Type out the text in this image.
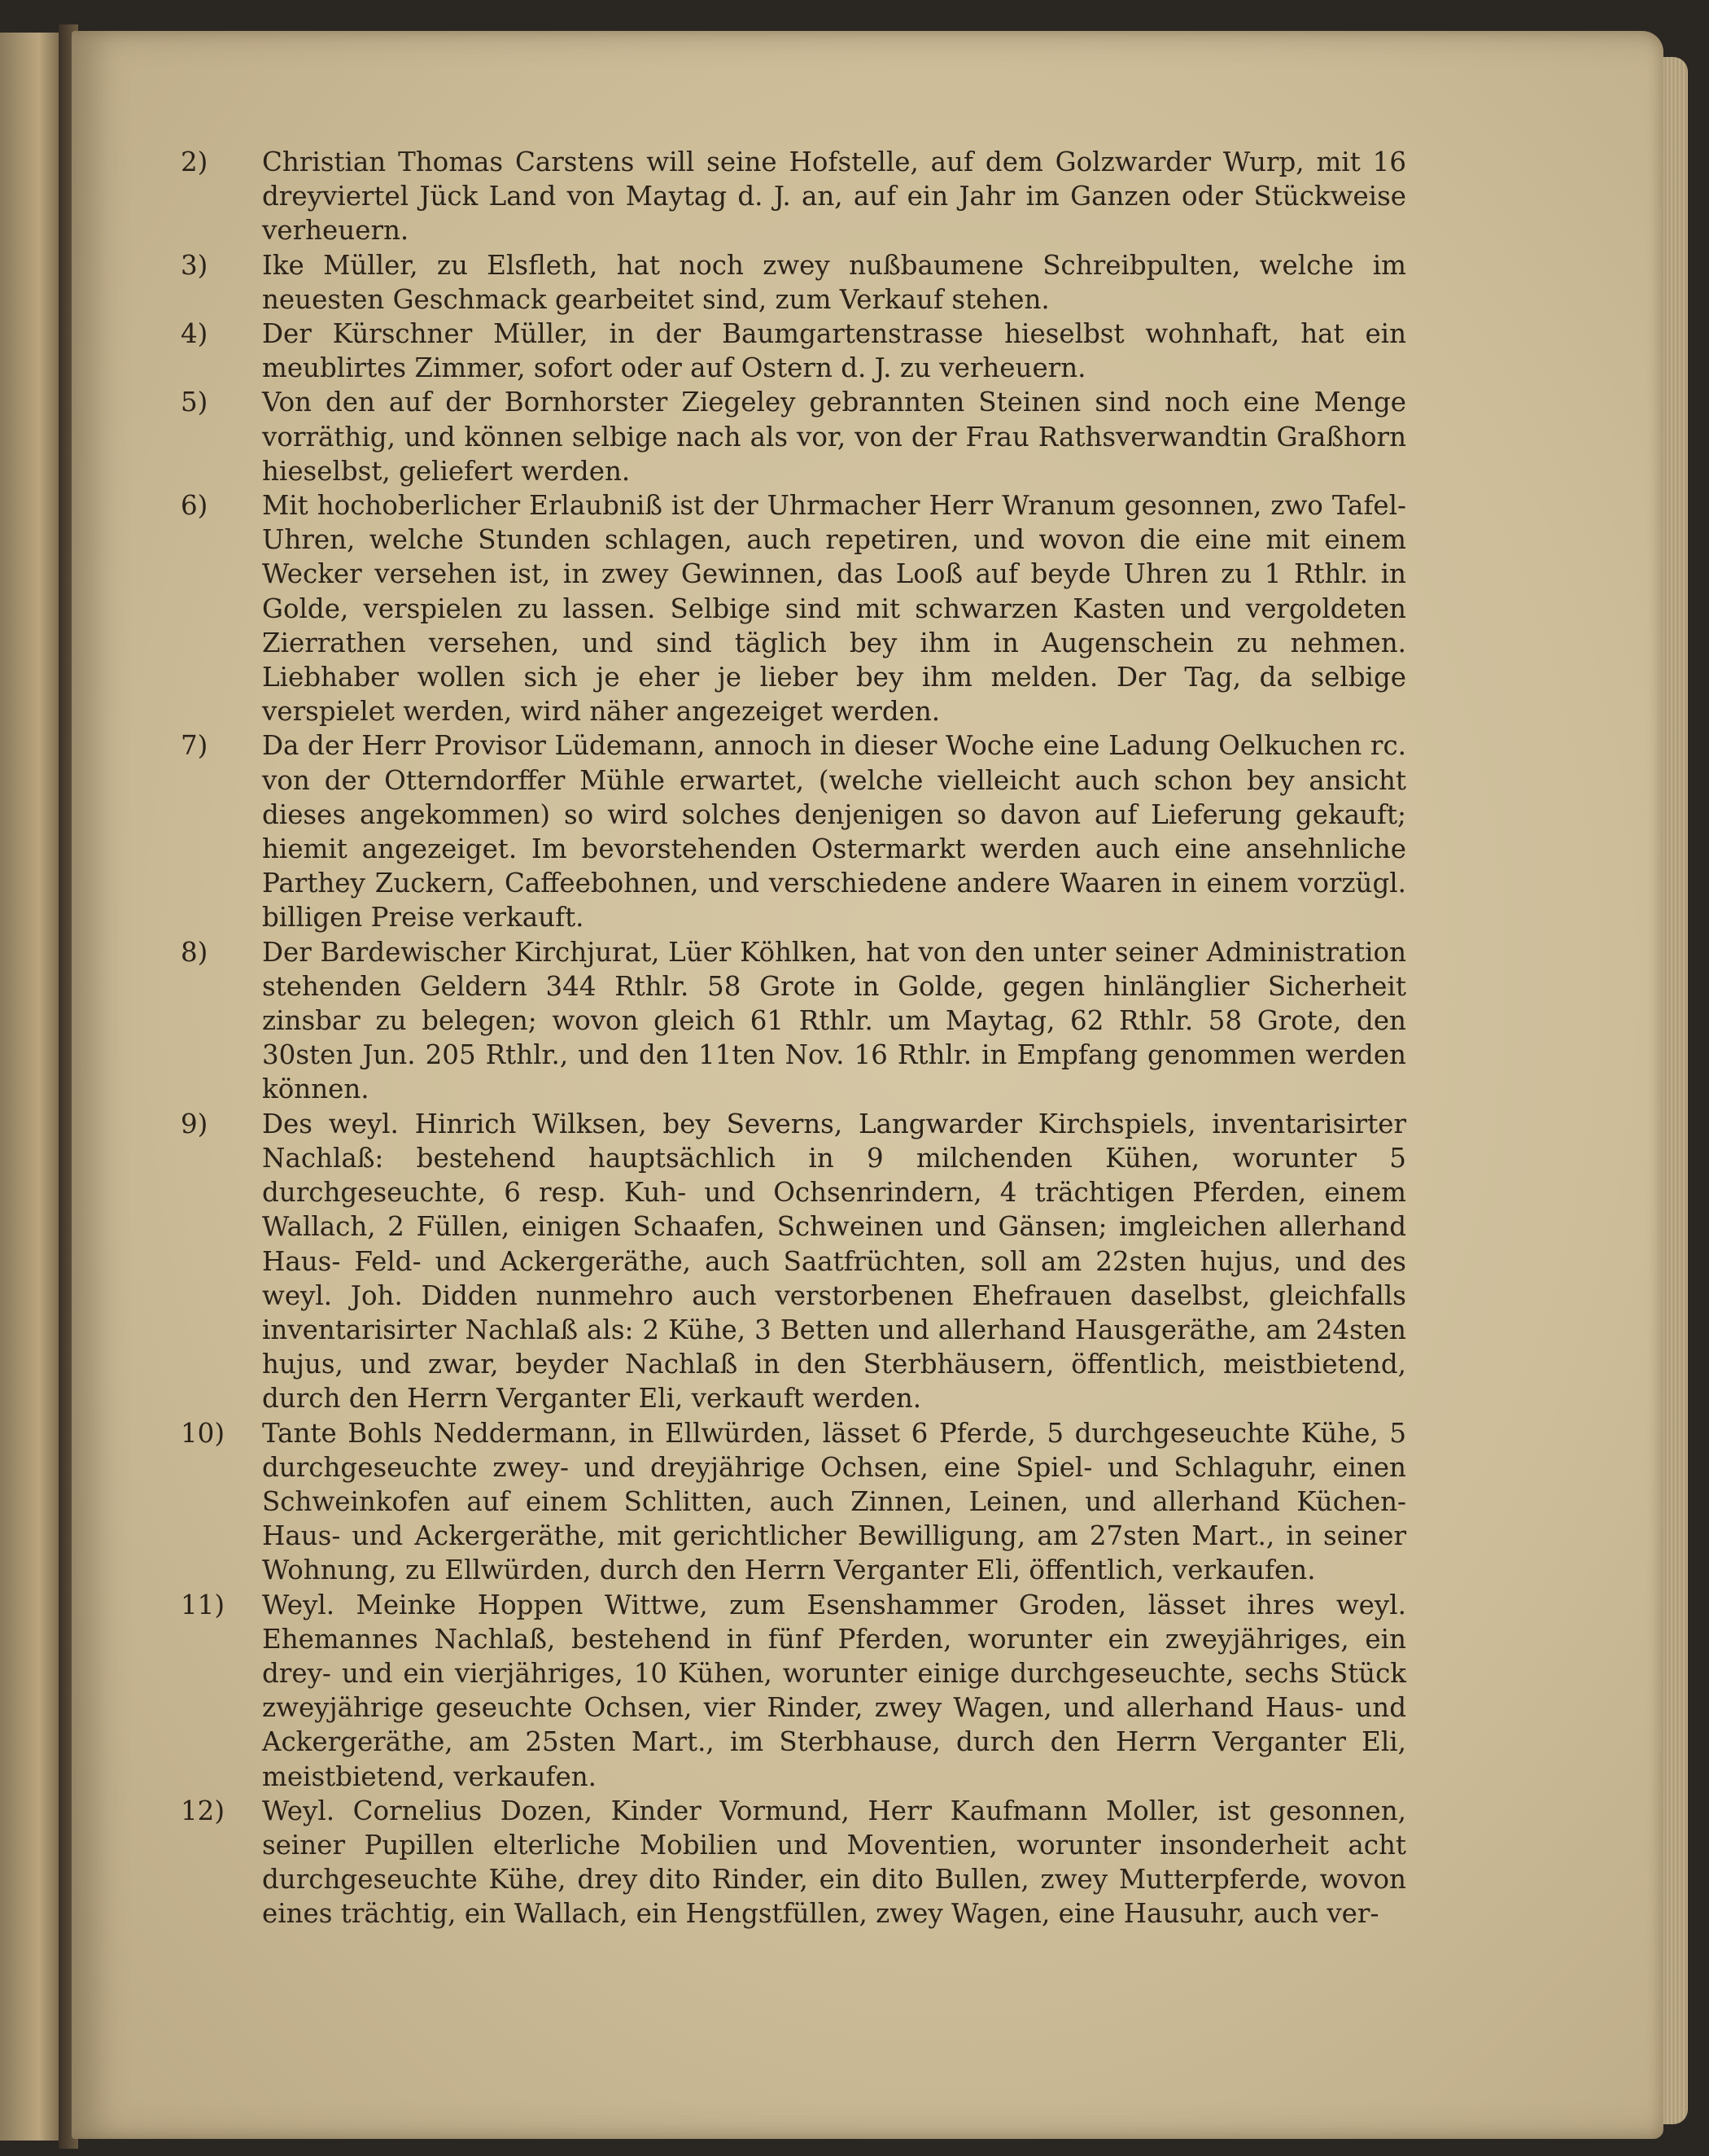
2)	Christian Thomas Carstens will seine Hofstelle, auf dem Golzwarder Wurp, mit 16 dreyviertel Jück Land von Maytag d. J. an, auf ein Jahr im Ganzen oder Stückweise verheuern.

3)	Ike Müller, zu Elsfleth, hat noch zwey nußbaumene Schreibpulten, welche im neuesten Geschmack gearbeitet sind, zum Verkauf stehen.

4)	Der Kürschner Müller, in der Baumgartenstrasse hieselbst wohnhaft, hat ein meublirtes Zimmer, sofort oder auf Ostern d. J. zu verheuern.

5)	Von den auf der Bornhorster Ziegeley gebrannten Steinen sind noch eine Menge vorräthig, und können selbige nach als vor, von der Frau Rathsverwandtin Graßhorn hieselbst, geliefert werden.

6)	Mit hochoberlicher Erlaubniß ist der Uhrmacher Herr Wranum gesonnen, zwo Tafel-Uhren, welche Stunden schlagen, auch repetiren, und wovon die eine mit einem Wecker versehen ist, in zwey Gewinnen, das Looß auf beyde Uhren zu 1 Rthlr. in Golde, verspielen zu lassen. Selbige sind mit schwarzen Kasten und vergoldeten Zierrathen versehen, und sind täglich bey ihm in Augenschein zu nehmen. Liebhaber wollen sich je eher je lieber bey ihm melden. Der Tag, da selbige verspielet werden, wird näher angezeiget werden.

7)	Da der Herr Provisor Lüdemann, annoch in dieser Woche eine Ladung Oelkuchen rc. von der Otterndorffer Mühle erwartet, (welche vielleicht auch schon bey ansicht dieses angekommen) so wird solches denjenigen so davon auf Lieferung gekauft; hiemit angezeiget. Im bevorstehenden Ostermarkt werden auch eine ansehnliche Parthey Zuckern, Caffeebohnen, und verschiedene andere Waaren in einem vorzügl. billigen Preise verkauft.

8)	Der Bardewischer Kirchjurat, Lüer Köhlken, hat von den unter seiner Administration stehenden Geldern 344 Rthlr. 58 Grote in Golde, gegen hinlänglier Sicherheit zinsbar zu belegen; wovon gleich 61 Rthlr. um Maytag, 62 Rthlr. 58 Grote, den 30sten Jun. 205 Rthlr., und den 11ten Nov. 16 Rthlr. in Empfang genommen werden können.

9)	Des weyl. Hinrich Wilksen, bey Severns, Langwarder Kirchspiels, inventarisirter Nachlaß: bestehend hauptsächlich in 9 milchenden Kühen, worunter 5 durchgeseuchte, 6 resp. Kuh- und Ochsenrindern, 4 trächtigen Pferden, einem Wallach, 2 Füllen, einigen Schaafen, Schweinen und Gänsen; imgleichen allerhand Haus- Feld- und Ackergeräthe, auch Saatfrüchten, soll am 22sten hujus, und des weyl. Joh. Didden nunmehro auch verstorbenen Ehefrauen daselbst, gleichfalls inventarisirter Nachlaß als: 2 Kühe, 3 Betten und allerhand Hausgeräthe, am 24sten hujus, und zwar, beyder Nachlaß in den Sterbhäusern, öffentlich, meistbietend, durch den Herrn Verganter Eli, verkauft werden.

10)	Tante Bohls Neddermann, in Ellwürden, lässet 6 Pferde, 5 durchgeseuchte Kühe, 5 durchgeseuchte zwey- und dreyjährige Ochsen, eine Spiel- und Schlaguhr, einen Schweinkofen auf einem Schlitten, auch Zinnen, Leinen, und allerhand Küchen- Haus- und Ackergeräthe, mit gerichtlicher Bewilligung, am 27sten Mart., in seiner Wohnung, zu Ellwürden, durch den Herrn Verganter Eli, öffentlich, verkaufen.

11)	Weyl. Meinke Hoppen Wittwe, zum Esenshammer Groden, lässet ihres weyl. Ehemannes Nachlaß, bestehend in fünf Pferden, worunter ein zweyjähriges, ein drey- und ein vierjähriges, 10 Kühen, worunter einige durchgeseuchte, sechs Stück zweyjährige geseuchte Ochsen, vier Rinder, zwey Wagen, und allerhand Haus- und Ackergeräthe, am 25sten Mart., im Sterbhause, durch den Herrn Verganter Eli, meistbietend, verkaufen.

12)	Weyl. Cornelius Dozen, Kinder Vormund, Herr Kaufmann Moller, ist gesonnen, seiner Pupillen elterliche Mobilien und Moventien, worunter insonderheit acht durchgeseuchte Kühe, drey dito Rinder, ein dito Bullen, zwey Mutterpferde, wovon eines trächtig, ein Wallach, ein Hengstfüllen, zwey Wagen, eine Hausuhr, auch ver-
